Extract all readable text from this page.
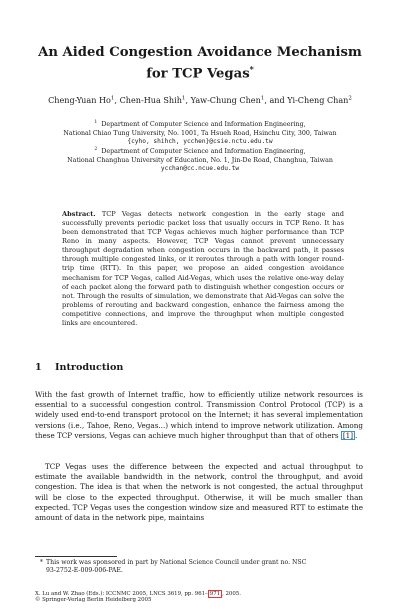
An Aided Congestion Avoidance Mechanism
for TCP Vegas*
Cheng-Yuan Ho$^1$, Chen-Hua Shih$^1$, Yaw-Chung Chen$^1$, and Yi-Cheng Chan$^2$
$^1$ Department of Computer Science and Information Engineering,
National Chiao Tung University, No. 1001, Ta Hsueh Road, Hsinchu City, 300, Taiwan
{cyho, shihch, ycchen}@csie.nctu.edu.tw
$^2$ Department of Computer Science and Information Engineering,
National Changhua University of Education, No. 1, Jin-De Road, Changhua, Taiwan
ycchan@cc.ncue.edu.tw
Abstract. TCP Vegas detects network congestion in the early stage and successfully prevents periodic packet loss that usually occurs in TCP Reno. It has been demonstrated that TCP Vegas achieves much higher performance than TCP Reno in many aspects. However, TCP Vegas cannot prevent unnecessary throughput degradation when congestion occurs in the backward path, it passes through multiple congested links, or it reroutes through a path with longer round-trip time (RTT). In this paper, we propose an aided congestion avoidance mechanism for TCP Vegas, called Aid-Vegas, which uses the relative one-way delay of each packet along the forward path to distinguish whether congestion occurs or not. Through the results of simulation, we demonstrate that Aid-Vegas can solve the problems of rerouting and backward congestion, enhance the fairness among the competitive connections, and improve the throughput when multiple congested links are encountered.
1 Introduction
With the fast growth of Internet traffic, how to efficiently utilize network resources is essential to a successful congestion control. Transmission Control Protocol (TCP) is a widely used end-to-end transport protocol on the Internet; it has several implementation versions (i.e., Tahoe, Reno, Vegas...) which intend to improve network utilization. Among these TCP versions, Vegas can achieve much higher throughput than that of others [1] .
TCP Vegas uses the difference between the expected and actual throughput to estimate the available bandwidth in the network, control the throughput, and avoid congestion. The idea is that when the network is not congested, the actual throughput will be close to the expected throughput. Otherwise, it will be much smaller than expected. TCP Vegas uses the congestion window size and measured RTT to estimate the amount of data in the network pipe, maintains
* This work was sponsored in part by National Science Council under grant no. NSC
93-2752-E-009-006-PAE.
X. Lu and W. Zhao (Eds.): ICCNMC 2005, LNCS 3619, pp. 961– 971 , 2005.
© Springer-Verlag Berlin Heidelberg 2005
